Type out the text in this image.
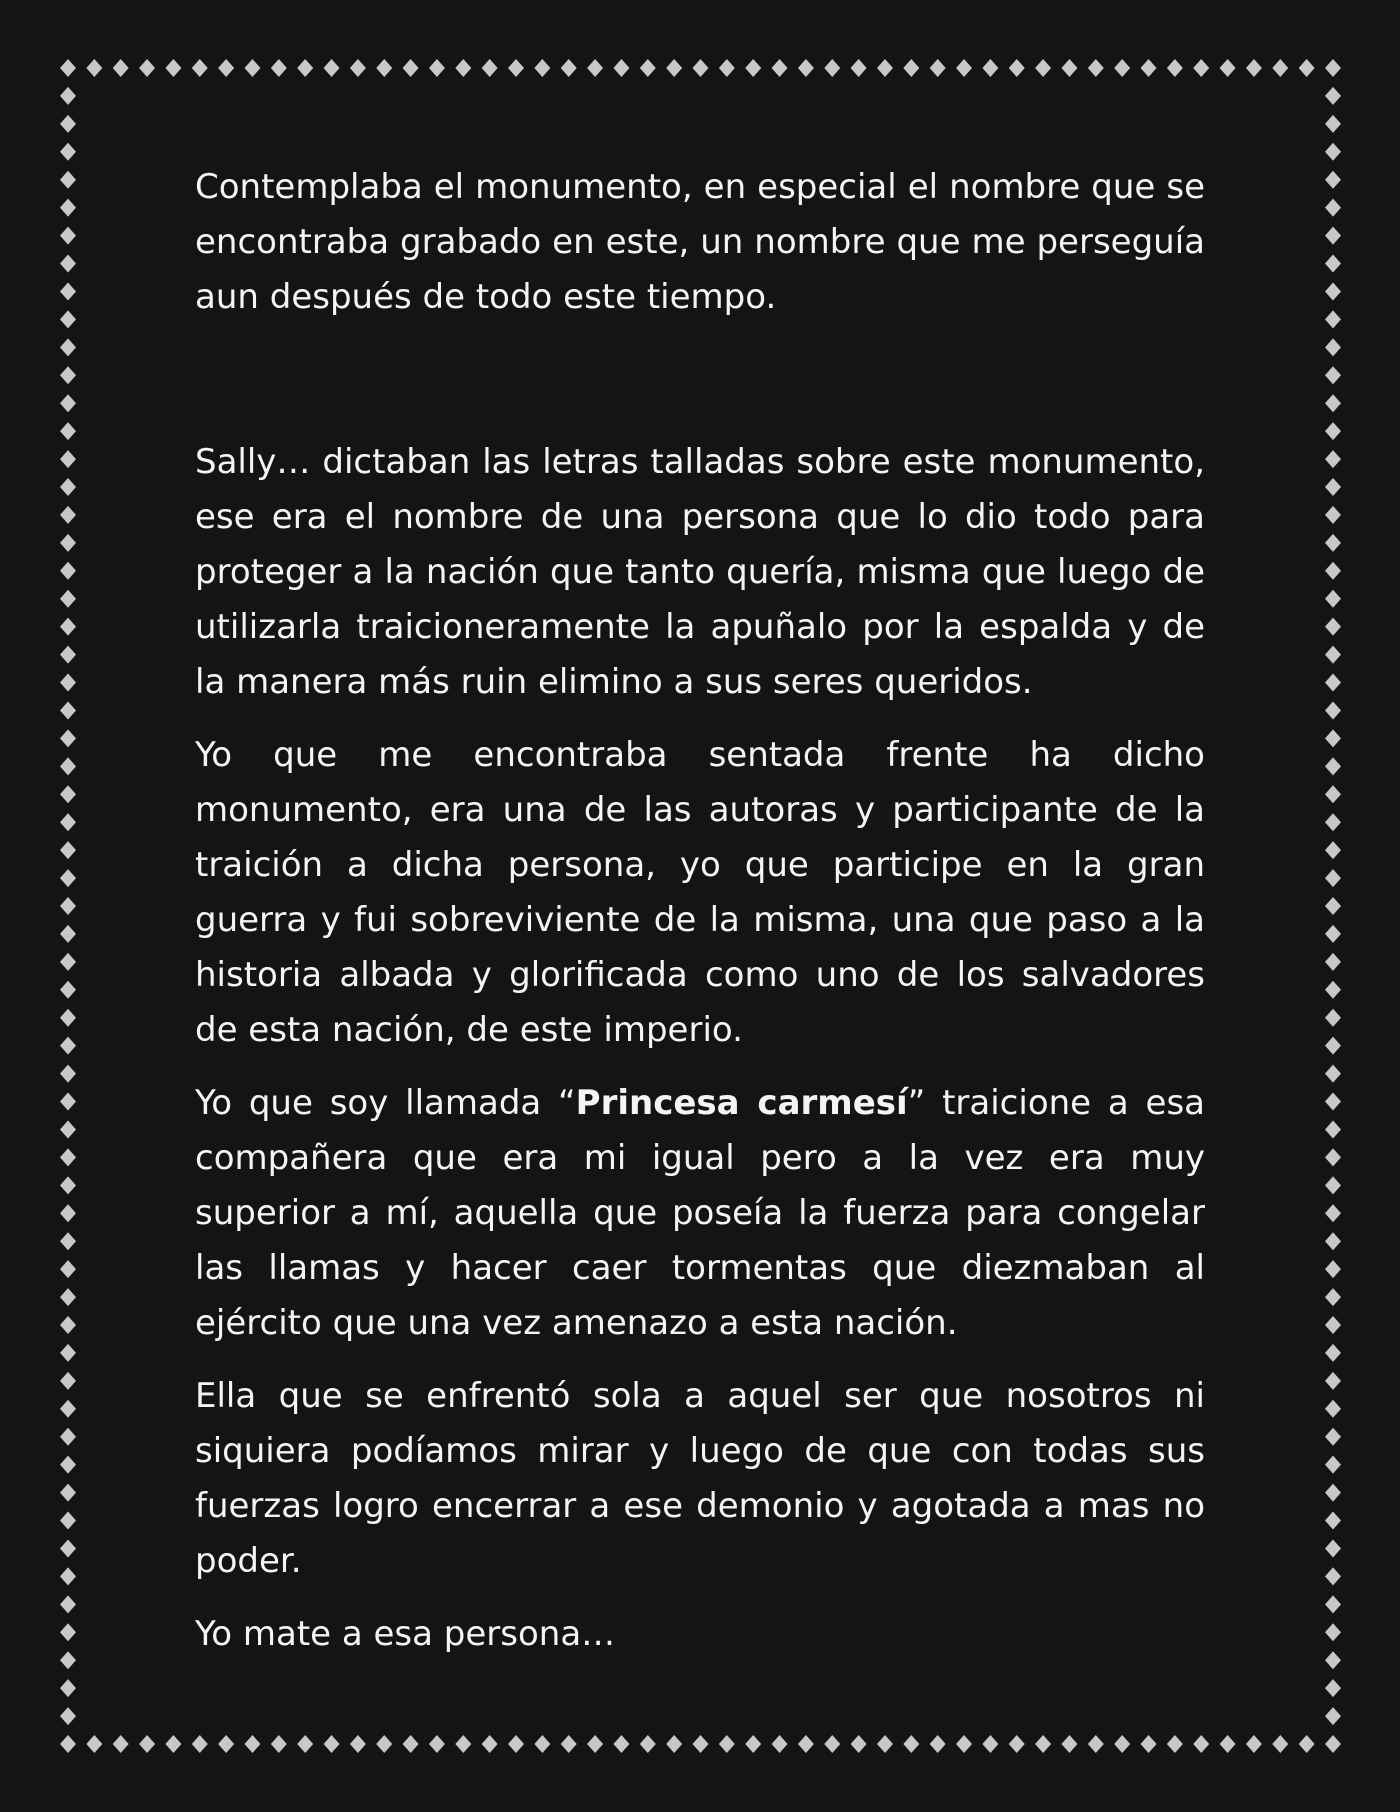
Contemplaba el monumento, en especial el nombre que se encontraba grabado en este, un nombre que me perseguía aun después de todo este tiempo.

Sally… dictaban las letras talladas sobre este monumento, ese era el nombre de una persona que lo dio todo para proteger a la nación que tanto quería, misma que luego de utilizarla traicioneramente la apuñalo por la espalda y de la manera más ruin elimino a sus seres queridos.

Yo que me encontraba sentada frente ha dicho monumento, era una de las autoras y participante de la traición a dicha persona, yo que participe en la gran guerra y fui sobreviviente de la misma, una que paso a la historia albada y glorificada como uno de los salvadores de esta nación, de este imperio.

Yo que soy llamada “Princesa carmesí” traicione a esa compañera que era mi igual pero a la vez era muy superior a mí, aquella que poseía la fuerza para congelar las llamas y hacer caer tormentas que diezmaban al ejército que una vez amenazo a esta nación.

Ella que se enfrentó sola a aquel ser que nosotros ni siquiera podíamos mirar y luego de que con todas sus fuerzas logro encerrar a ese demonio y agotada a mas no poder.

Yo mate a esa persona…
